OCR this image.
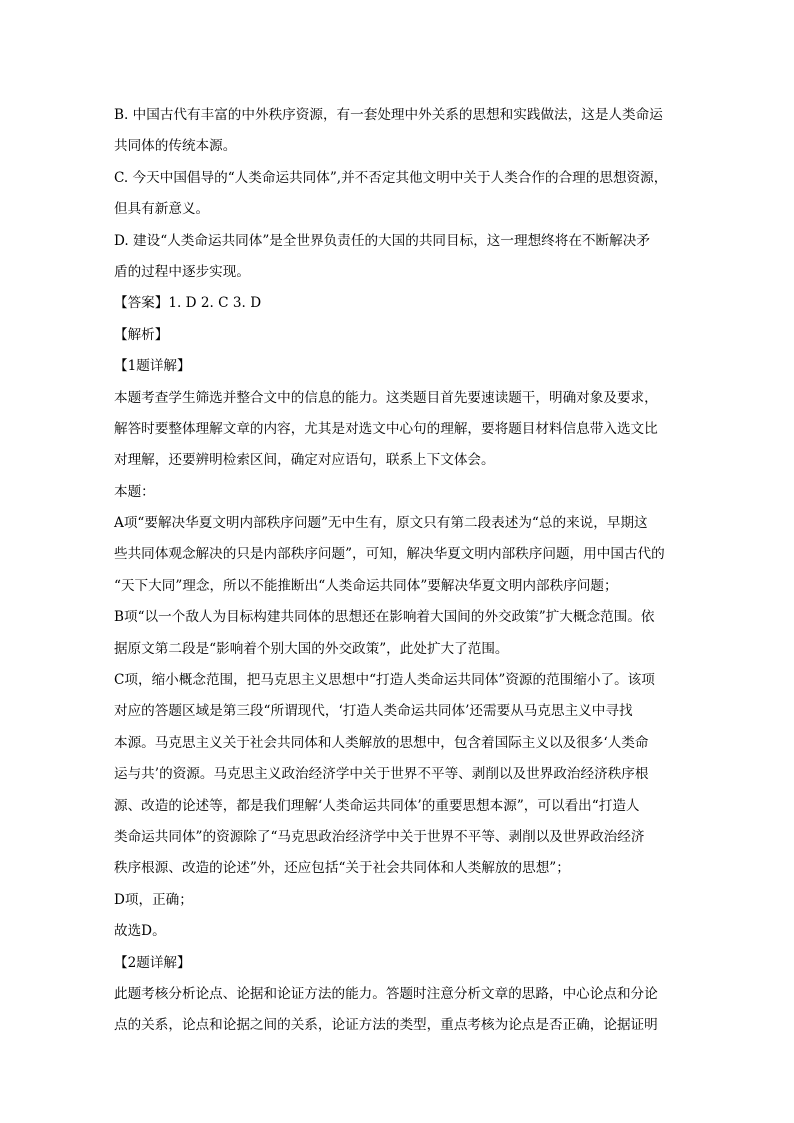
B. 中国古代有丰富的中外秩序资源，有一套处理中外关系的思想和实践做法，这是人类命运
共同体的传统本源。
C. 今天中国倡导的“人类命运共同体”,并不否定其他文明中关于人类合作的合理的思想资源，
但具有新意义。
D. 建设“人类命运共同体”是全世界负责任的大国的共同目标，这一理想终将在不断解决矛
盾的过程中逐步实现。
【答案】1. D 2. C 3. D
【解析】
【1题详解】
本题考查学生筛选并整合文中的信息的能力。这类题目首先要速读题干，明确对象及要求，
解答时要整体理解文章的内容，尤其是对选文中心句的理解，要将题目材料信息带入选文比
对理解，还要辨明检索区间，确定对应语句，联系上下文体会。
本题：
A项“要解决华夏文明内部秩序问题”无中生有，原文只有第二段表述为“总的来说，早期这
些共同体观念解决的只是内部秩序问题”，可知，解决华夏文明内部秩序问题，用中国古代的
“天下大同”理念，所以不能推断出“人类命运共同体”要解决华夏文明内部秩序问题；
B项“以一个敌人为目标构建共同体的思想还在影响着大国间的外交政策”扩大概念范围。依
据原文第二段是“影响着个别大国的外交政策”，此处扩大了范围。
C项，缩小概念范围，把马克思主义思想中“打造人类命运共同体”资源的范围缩小了。该项
对应的答题区域是第三段“所谓现代，‘打造人类命运共同体’还需要从马克思主义中寻找
本源。马克思主义关于社会共同体和人类解放的思想中，包含着国际主义以及很多‘人类命
运与共’的资源。马克思主义政治经济学中关于世界不平等、剥削以及世界政治经济秩序根
源、改造的论述等，都是我们理解‘人类命运共同体’的重要思想本源”，可以看出“打造人
类命运共同体”的资源除了“马克思政治经济学中关于世界不平等、剥削以及世界政治经济
秩序根源、改造的论述”外，还应包括“关于社会共同体和人类解放的思想”；
D项，正确；
故选D。
【2题详解】
此题考核分析论点、论据和论证方法的能力。答题时注意分析文章的思路，中心论点和分论
点的关系，论点和论据之间的关系，论证方法的类型，重点考核为论点是否正确，论据证明
